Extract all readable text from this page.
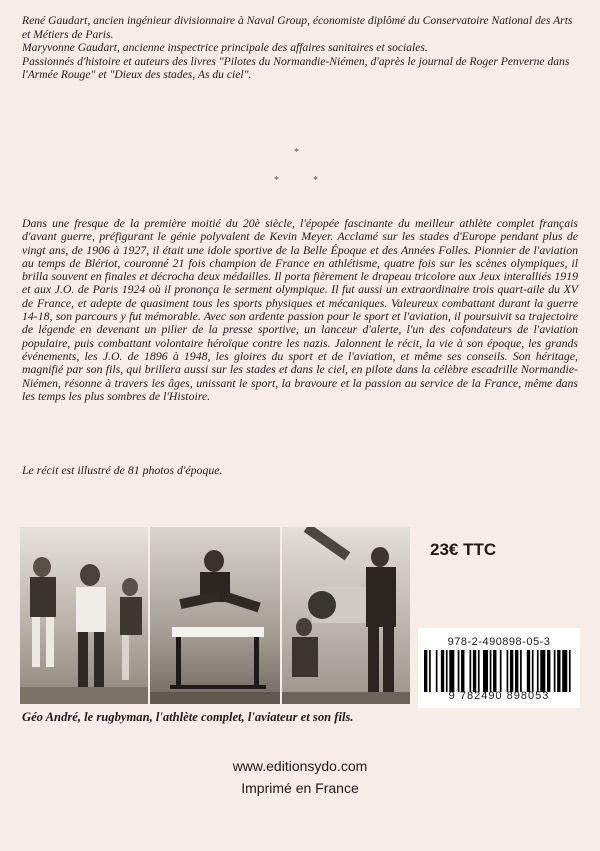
René Gaudart, ancien ingénieur divisionnaire à Naval Group, économiste diplômé du Conservatoire National des Arts et Métiers de Paris.

Maryvonne Gaudart, ancienne inspectrice principale des affaires sanitaires et sociales.

Passionnés d'histoire et auteurs des livres "Pilotes du Normandie-Niémen, d'après le journal de Roger Penverne dans l'Armée Rouge" et "Dieux des stades, As du ciel".

*
*	*

Dans une fresque de la première moitié du 20è siècle, l'épopée fascinante du meilleur athlète complet français d'avant guerre, préfigurant le génie polyvalent de Kevin Meyer. Acclamé sur les stades d'Europe pendant plus de vingt ans, de 1906 à 1927, il était une idole sportive de la Belle Époque et des Années Folles. Pionnier de l'aviation au temps de Blériot, couronné 21 fois champion de France en athlétisme, quatre fois sur les scènes olympiques, il brilla souvent en finales et décrocha deux médailles. Il porta fièrement le drapeau tricolore aux Jeux interalliés 1919 et aux J.O. de Paris 1924 où il prononça le serment olympique. Il fut aussi un extraordinaire trois quart-aile du XV de France, et adepte de quasiment tous les sports physiques et mécaniques. Valeureux combattant durant la guerre 14-18, son parcours y fut mémorable. Avec son ardente passion pour le sport et l'aviation, il poursuivit sa trajectoire de légende en devenant un pilier de la presse sportive, un lanceur d'alerte, l'un des cofondateurs de l'aviation populaire, puis combattant volontaire héroïque contre les nazis. Jalonnent le récit, la vie à son époque, les grands événements, les J.O. de 1896 à 1948, les gloires du sport et de l'aviation, et même ses conseils. Son héritage, magnifié par son fils, qui brillera aussi sur les stades et dans le ciel, en pilote dans la célèbre escadrille Normandie-Niémen, résonne à travers les âges, unissant le sport, la bravoure et la passion au service de la France, même dans les temps les plus sombres de l'Histoire.

Le récit est illustré de 81 photos d'époque.

23€ TTC
978-2-490898-05-3
9 782490 898053

Géo André, le rugbyman, l'athlète complet, l'aviateur et son fils.

www.editionsydo.com
Imprimé en France
